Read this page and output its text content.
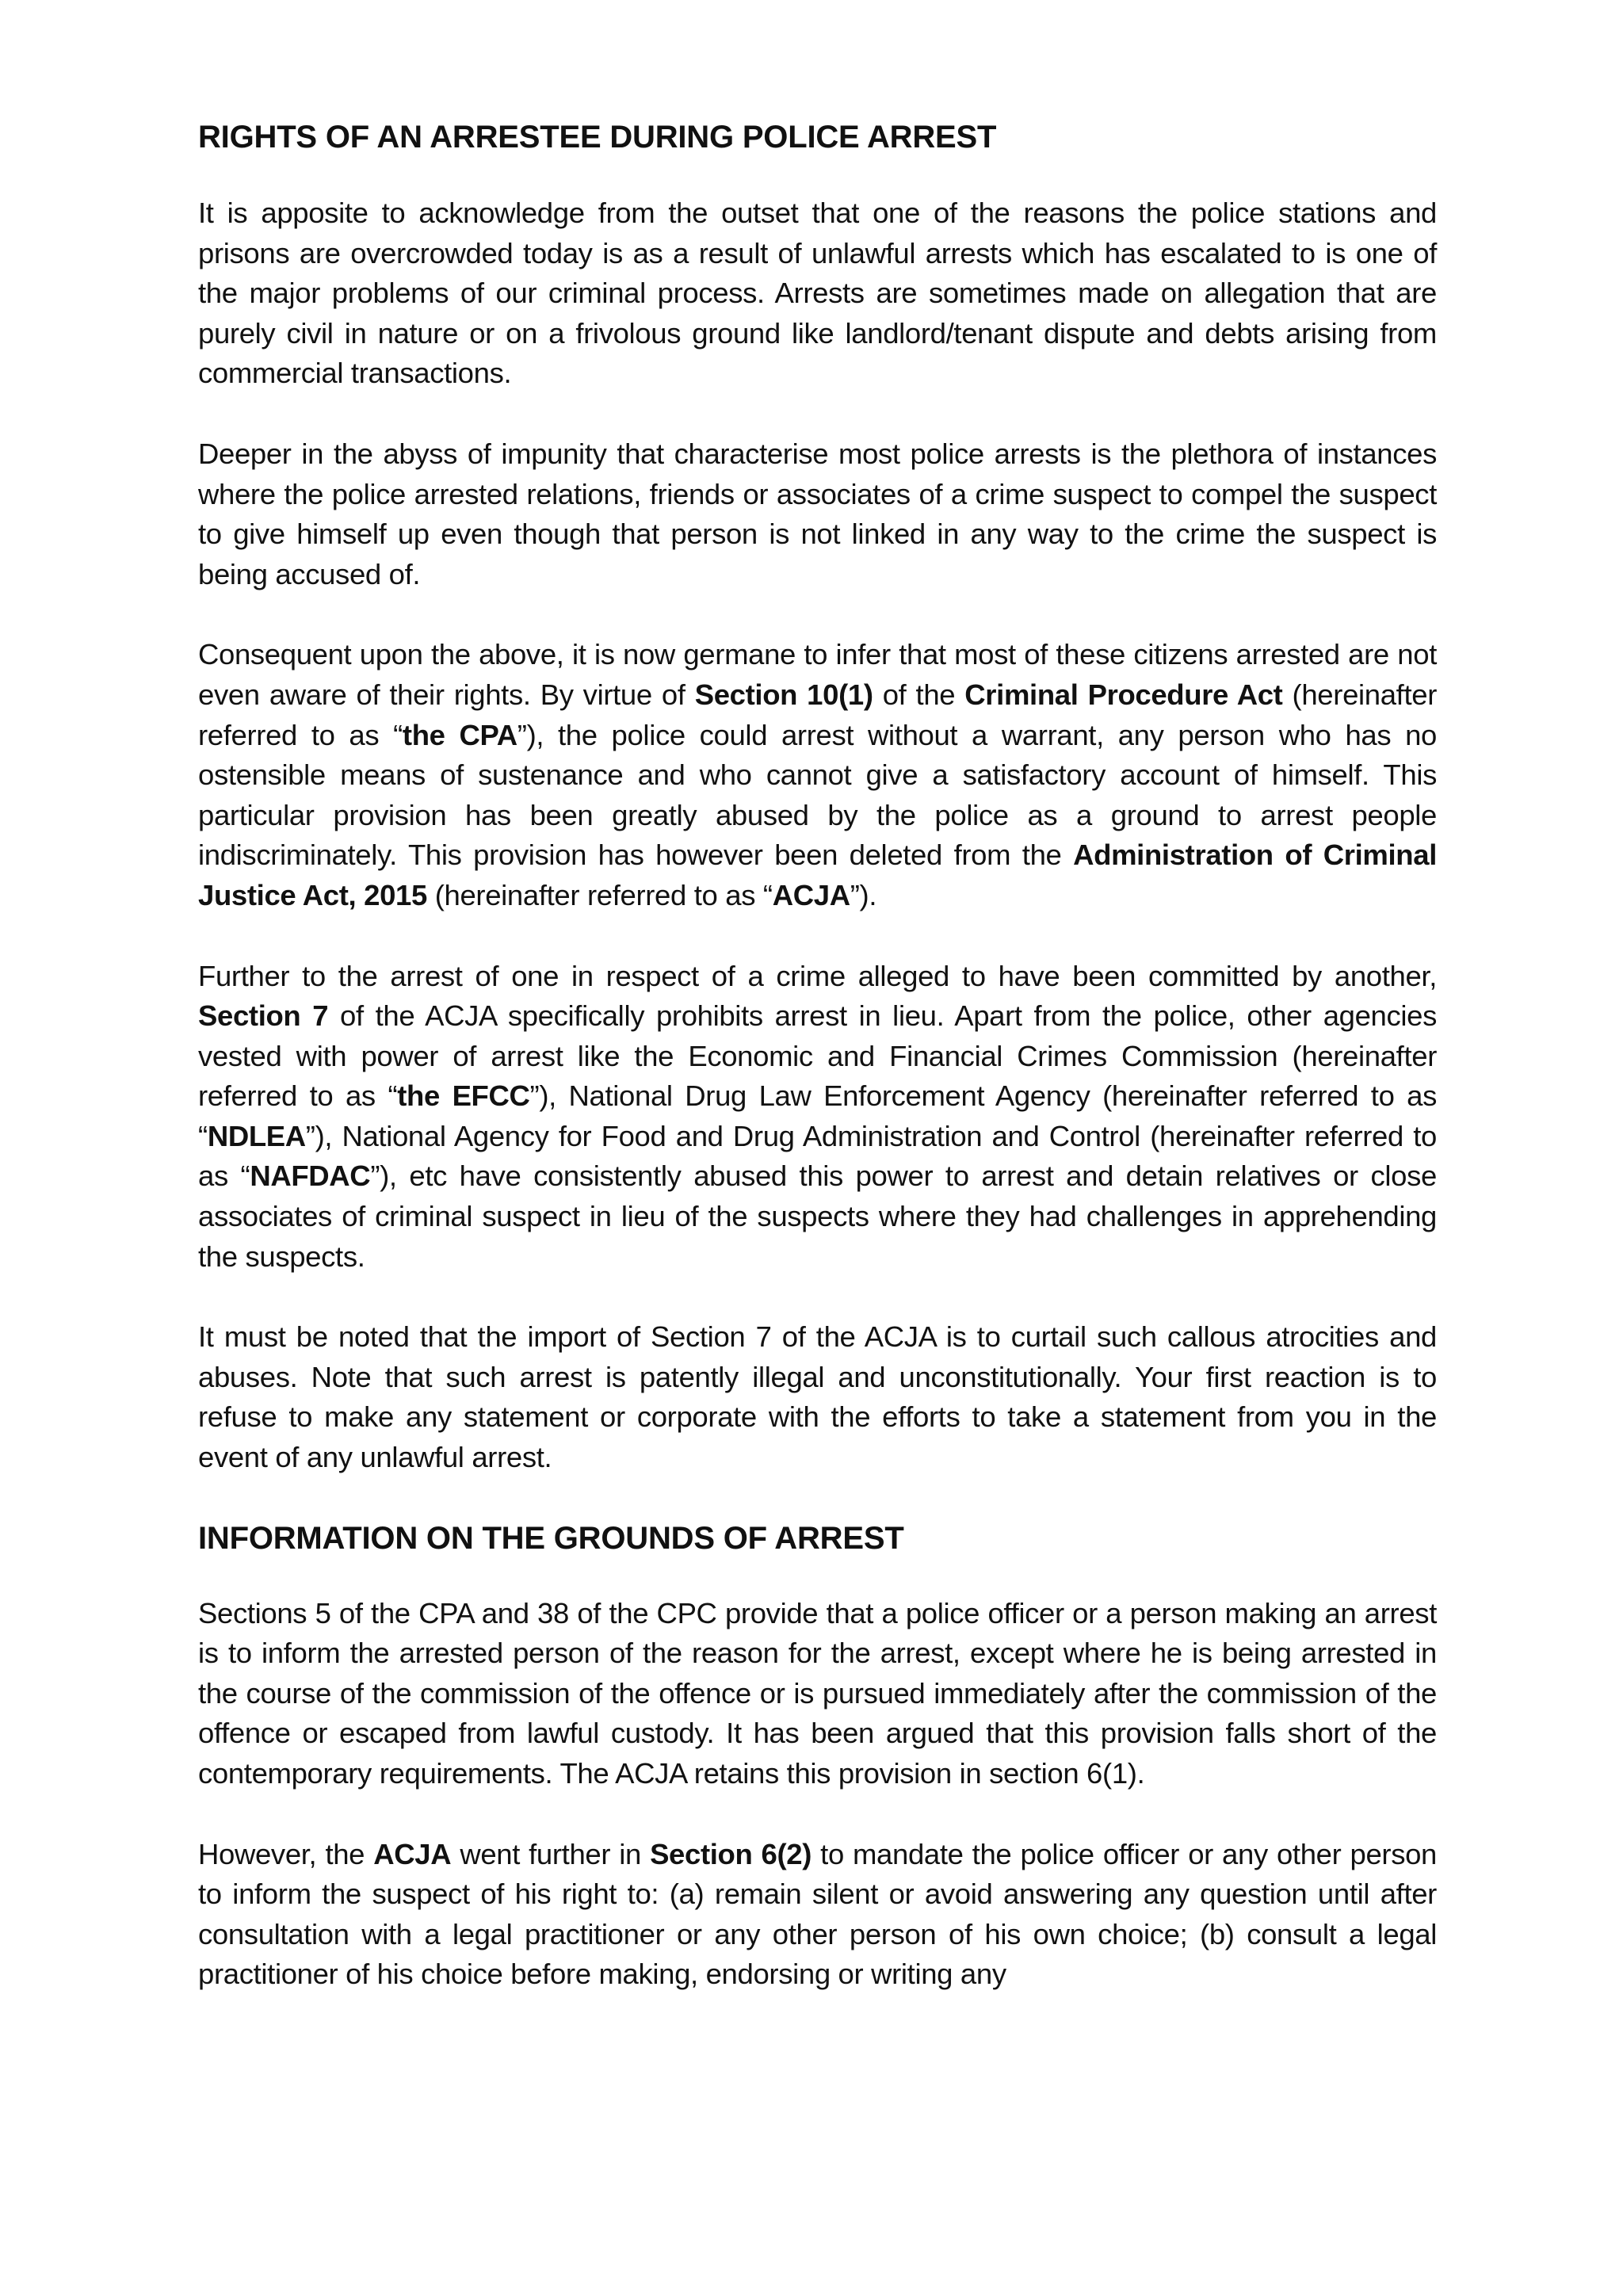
RIGHTS OF AN ARRESTEE DURING POLICE ARREST

It is apposite to acknowledge from the outset that one of the reasons the police stations and prisons are overcrowded today is as a result of unlawful arrests which has escalated to is one of the major problems of our criminal process. Arrests are sometimes made on allegation that are purely civil in nature or on a frivolous ground like landlord/tenant dispute and debts arising from commercial transactions.

Deeper in the abyss of impunity that characterise most police arrests is the plethora of instances where the police arrested relations, friends or associates of a crime suspect to compel the suspect to give himself up even though that person is not linked in any way to the crime the suspect is being accused of.

Consequent upon the above, it is now germane to infer that most of these citizens arrested are not even aware of their rights. By virtue of Section 10(1) of the Criminal Procedure Act (hereinafter referred to as “the CPA”), the police could arrest without a warrant, any person who has no ostensible means of sustenance and who cannot give a satisfactory account of himself. This particular provision has been greatly abused by the police as a ground to arrest people indiscriminately. This provision has however been deleted from the Administration of Criminal Justice Act, 2015 (hereinafter referred to as “ACJA”).

Further to the arrest of one in respect of a crime alleged to have been committed by another, Section 7 of the ACJA specifically prohibits arrest in lieu. Apart from the police, other agencies vested with power of arrest like the Economic and Financial Crimes Commission (hereinafter referred to as “the EFCC”), National Drug Law Enforcement Agency (hereinafter referred to as “NDLEA”), National Agency for Food and Drug Administration and Control (hereinafter referred to as “NAFDAC”), etc have consistently abused this power to arrest and detain relatives or close associates of criminal suspect in lieu of the suspects where they had challenges in apprehending the suspects.

It must be noted that the import of Section 7 of the ACJA is to curtail such callous atrocities and abuses. Note that such arrest is patently illegal and unconstitutionally. Your first reaction is to refuse to make any statement or corporate with the efforts to take a statement from you in the event of any unlawful arrest.

INFORMATION ON THE GROUNDS OF ARREST

Sections 5 of the CPA and 38 of the CPC provide that a police officer or a person making an arrest is to inform the arrested person of the reason for the arrest, except where he is being arrested in the course of the commission of the offence or is pursued immediately after the commission of the offence or escaped from lawful custody. It has been argued that this provision falls short of the contemporary requirements. The ACJA retains this provision in section 6(1).

However, the ACJA went further in Section 6(2) to mandate the police officer or any other person to inform the suspect of his right to: (a) remain silent or avoid answering any question until after consultation with a legal practitioner or any other person of his own choice; (b) consult a legal practitioner of his choice before making, endorsing or writing any
